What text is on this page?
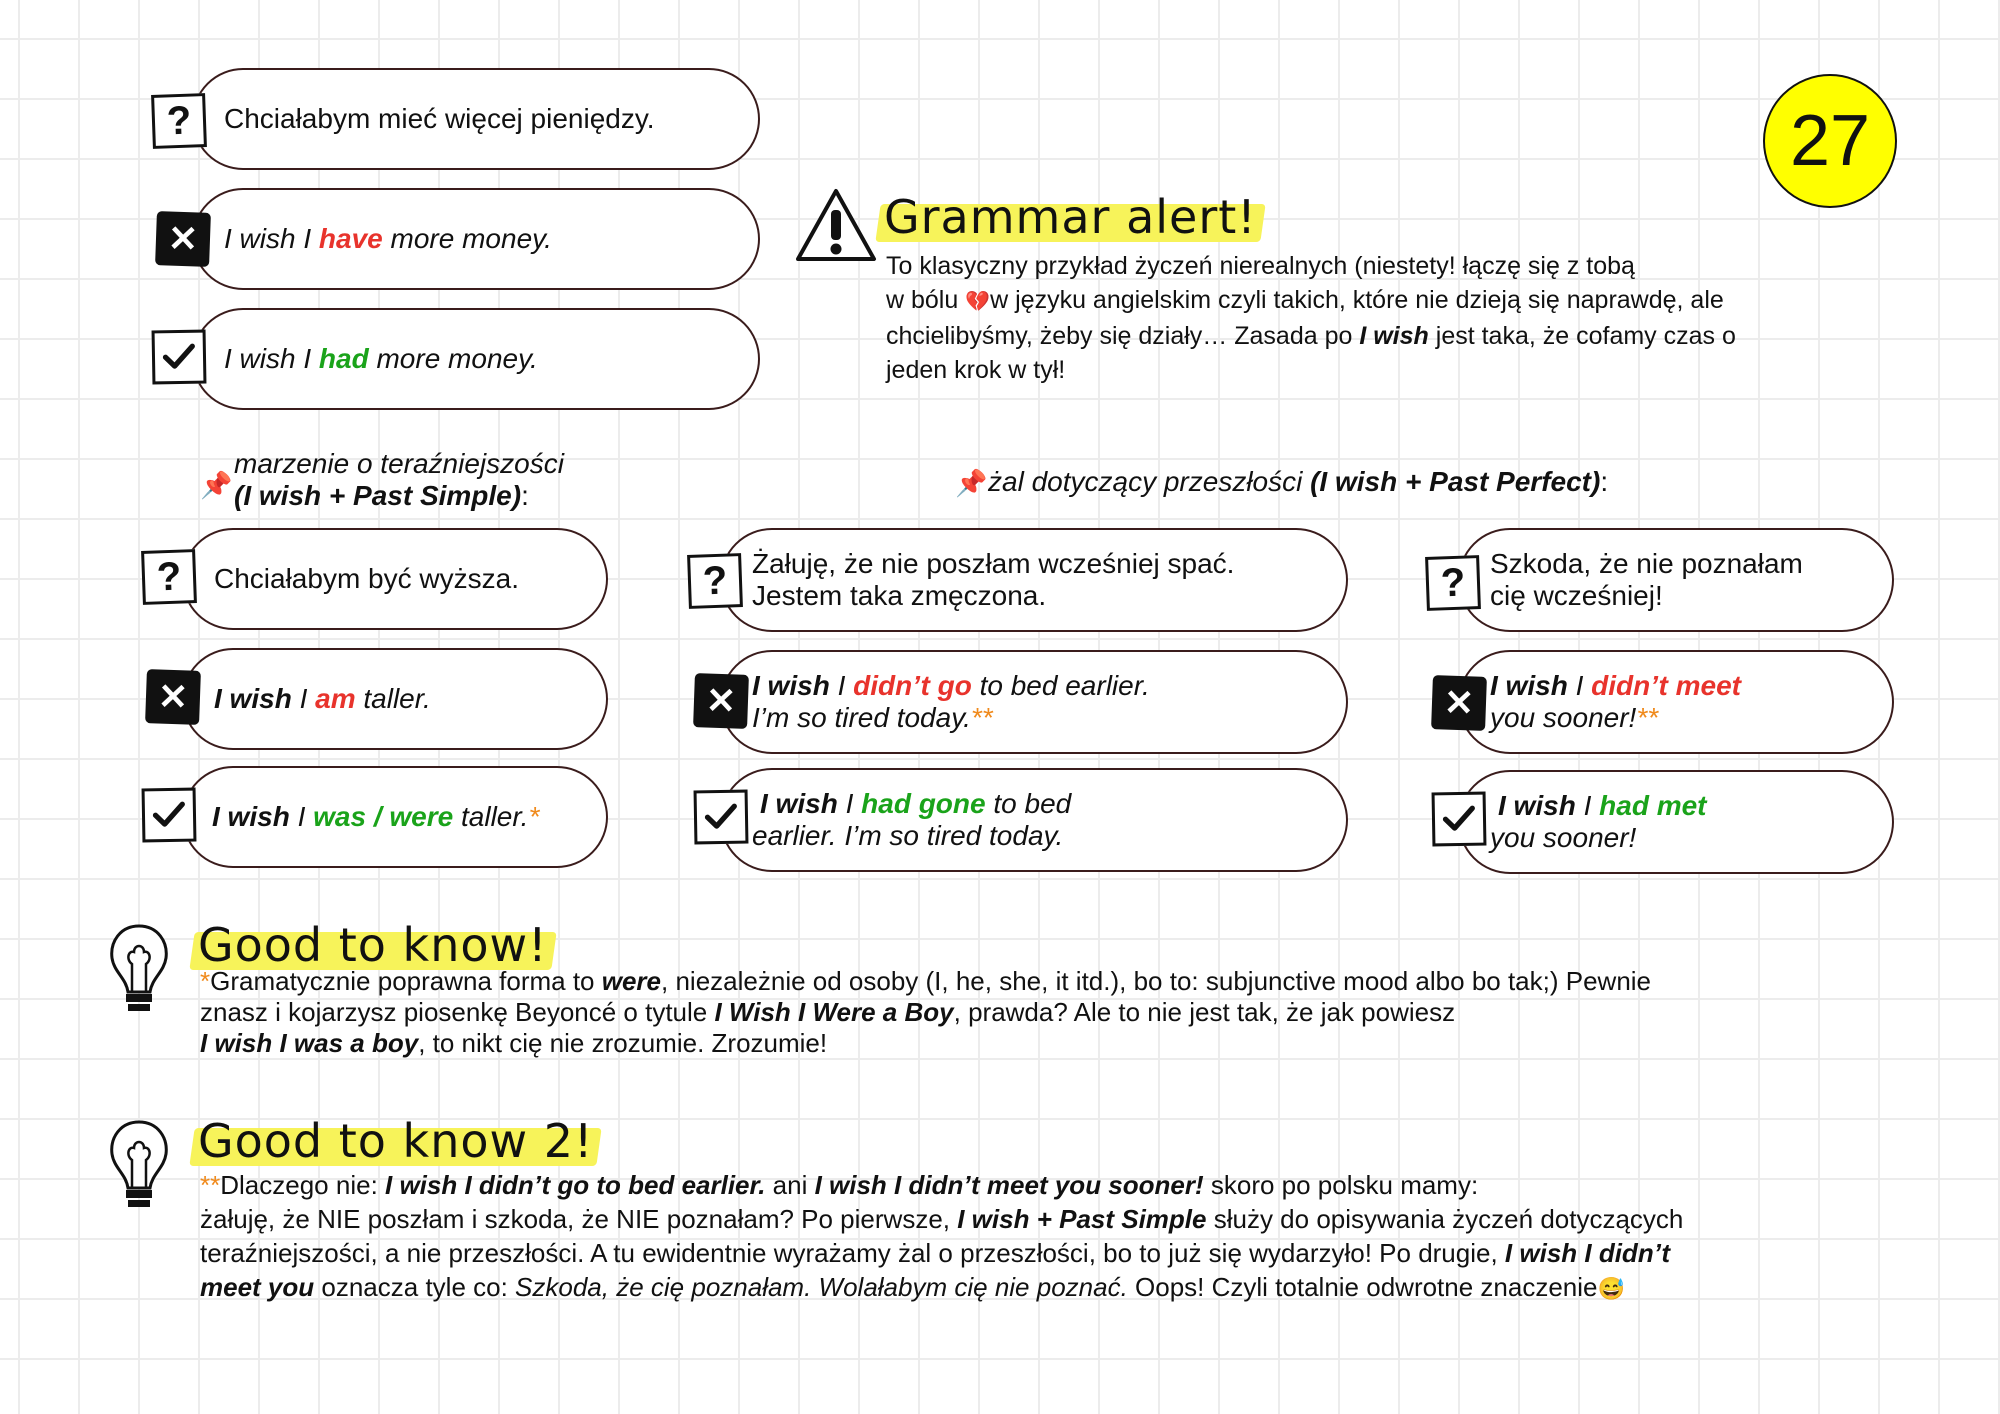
27
?	Chciałabym mieć więcej pieniędzy.
✕ I wish I have more money.
I wish I had more money.
Grammar alert!
To klasyczny przykład życzeń nierealnych (niestety! łączę się z tobą
w bólu 💔w języku angielskim czyli takich, które nie dzieją się naprawdę, ale
chcielibyśmy, żeby się działy… Zasada po I wish jest taka, że cofamy czas o
jeden krok w tył!
📌
marzenie o teraźniejszości
(I wish + Past Simple):	📌 żal dotyczący przeszłości (I wish + Past Perfect):
?	Chciałabym być wyższa.
✕ I wish I am taller.
I wish I was / were taller.*
? Żałuję, że nie poszłam wcześniej spać.
Jestem taka zmęczona.
✕ I wish I didn’t go to bed earlier.
I’m so tired today.**
I wish I had gone to bed
earlier. I’m so tired today.
? Szkoda, że nie poznałam
cię wcześniej!
✕ I wish I didn’t meet
you sooner!**
I wish I had met
you sooner!
Good to know!
*Gramatycznie poprawna forma to were, niezależnie od osoby (I, he, she, it itd.), bo to: subjunctive mood albo bo tak;) Pewnie
znasz i kojarzysz piosenkę Beyoncé o tytule I Wish I Were a Boy, prawda? Ale to nie jest tak, że jak powiesz
I wish I was a boy, to nikt cię nie zrozumie. Zrozumie!
Good to know 2!
**Dlaczego nie: I wish I didn’t go to bed earlier. ani I wish I didn’t meet you sooner! skoro po polsku mamy:
żałuję, że NIE poszłam i szkoda, że NIE poznałam? Po pierwsze, I wish + Past Simple służy do opisywania życzeń dotyczących
teraźniejszości, a nie przeszłości. A tu ewidentnie wyrażamy żal o przeszłości, bo to już się wydarzyło! Po drugie, I wish I didn’t
meet you oznacza tyle co: Szkoda, że cię poznałam. Wolałabym cię nie poznać. Oops! Czyli totalnie odwrotne znaczenie😅
